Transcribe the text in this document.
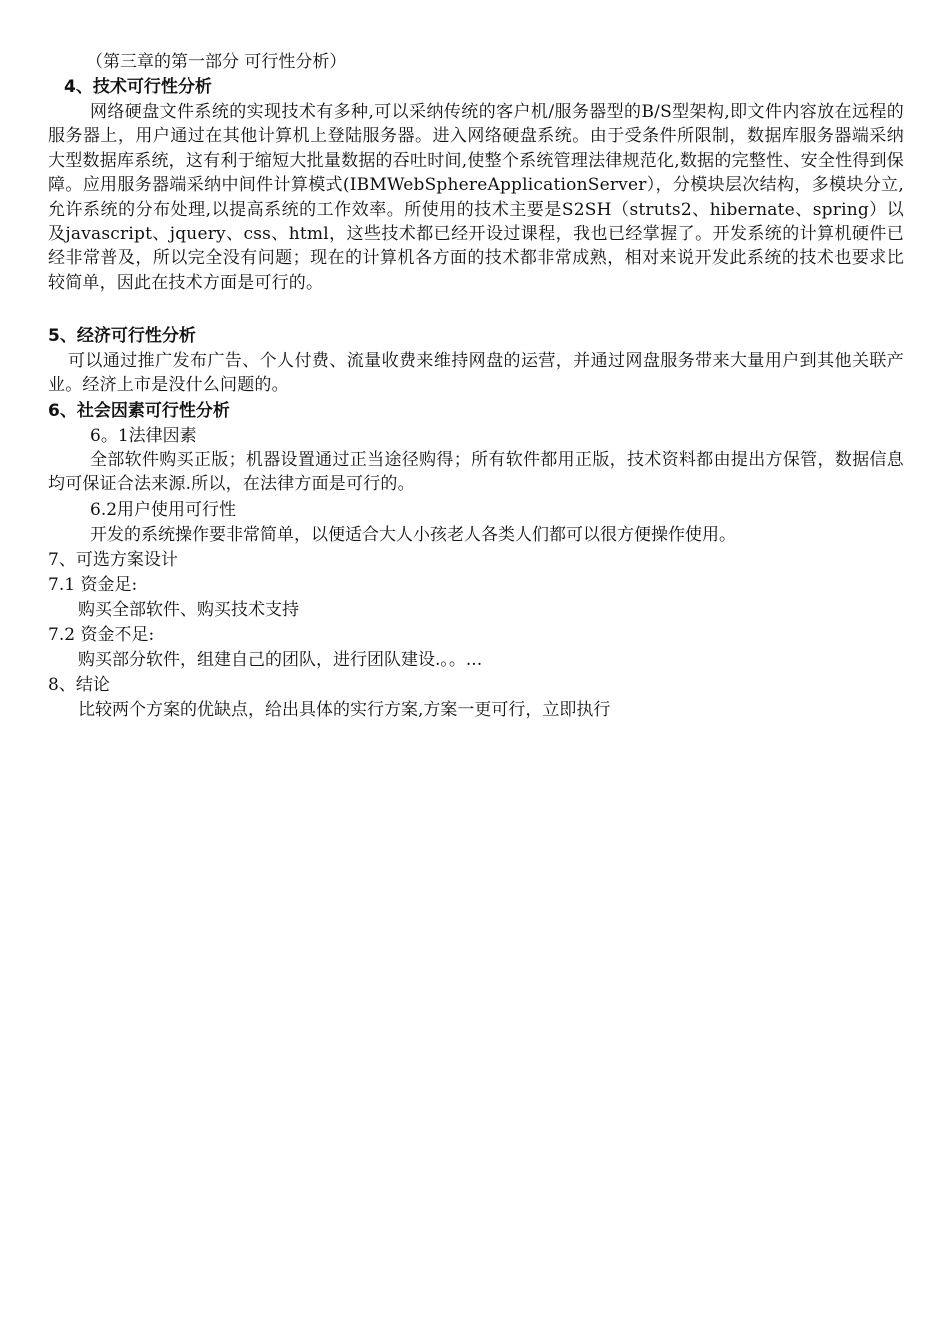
（第三章的第一部分 可行性分析）
4、技术可行性分析
网络硬盘文件系统的实现技术有多种,可以采纳传统的客户机/服务器型的B/S型架构,即文件内容放在远程的服务器上，用户通过在其他计算机上登陆服务器。进入网络硬盘系统。由于受条件所限制，数据库服务器端采纳大型数据库系统，这有利于缩短大批量数据的吞吐时间,使整个系统管理法律规范化,数据的完整性、安全性得到保障。应用服务器端采纳中间件计算模式(IBMWebSphereApplicationServer），分模块层次结构，多模块分立,允许系统的分布处理,以提高系统的工作效率。所使用的技术主要是S2SH（struts2、hibernate、spring）以及javascript、jquery、css、html，这些技术都已经开设过课程，我也已经掌握了。开发系统的计算机硬件已经非常普及，所以完全没有问题；现在的计算机各方面的技术都非常成熟，相对来说开发此系统的技术也要求比较简单，因此在技术方面是可行的。
5、经济可行性分析
可以通过推广发布广告、个人付费、流量收费来维持网盘的运营，并通过网盘服务带来大量用户到其他关联产业。经济上市是没什么问题的。
6、社会因素可行性分析
6。1法律因素
全部软件购买正版；机器设置通过正当途径购得；所有软件都用正版，技术资料都由提出方保管，数据信息均可保证合法来源.所以，在法律方面是可行的。
6.2用户使用可行性
开发的系统操作要非常简单，以便适合大人小孩老人各类人们都可以很方便操作使用。
7、可选方案设计
7.1 资金足:
购买全部软件、购买技术支持
7.2 资金不足:
购买部分软件，组建自己的团队，进行团队建设.。。...
8、结论
比较两个方案的优缺点，给出具体的实行方案,方案一更可行，立即执行
